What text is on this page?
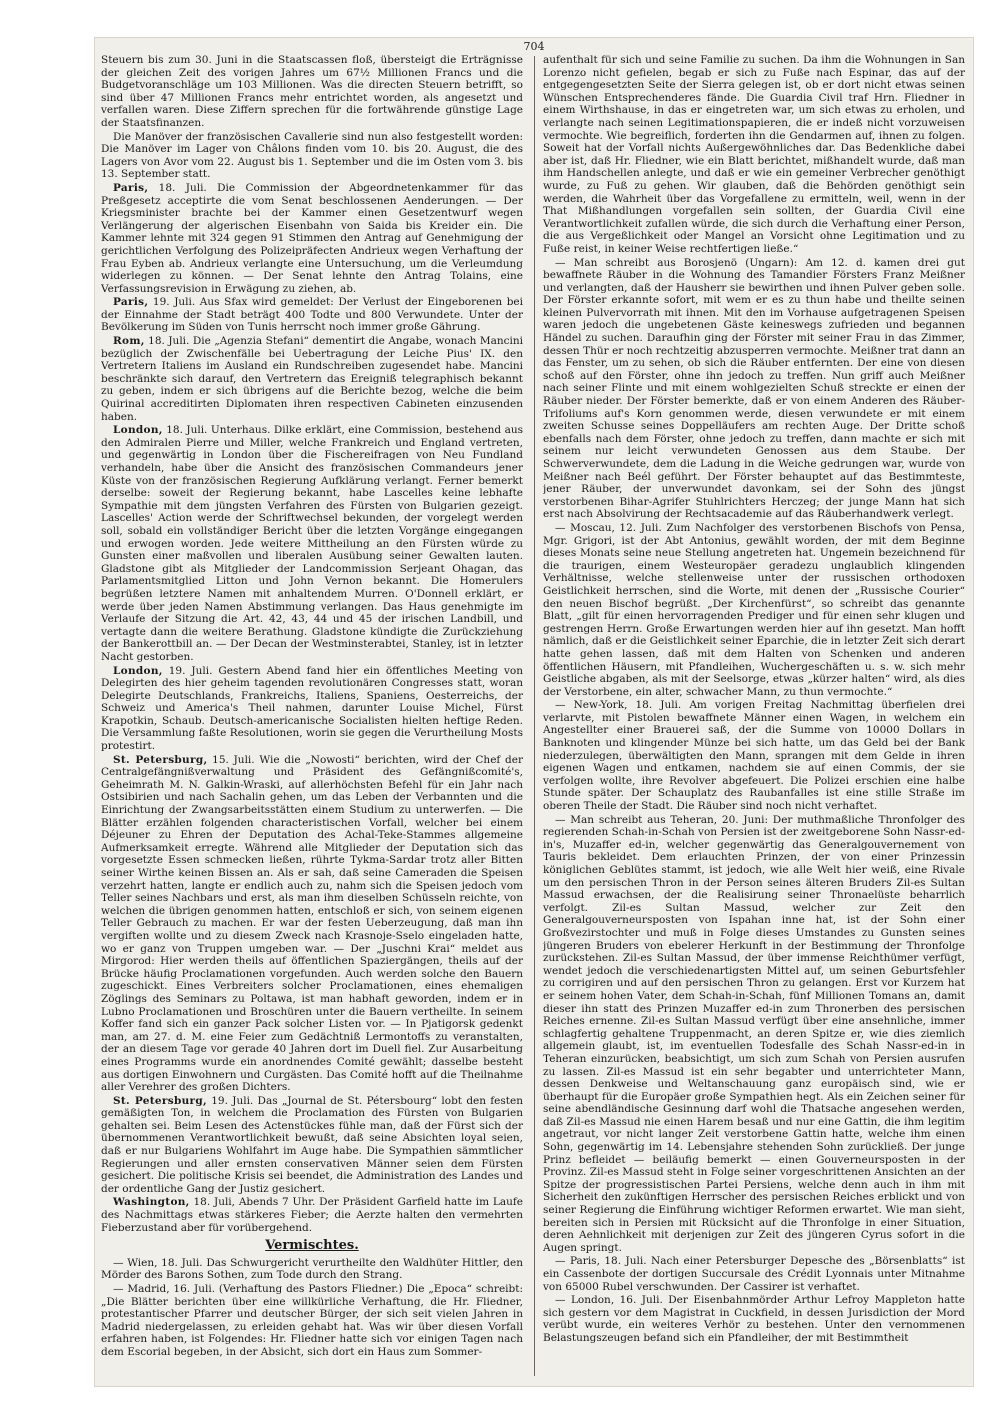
704

Steuern bis zum 30. Juni in die Staatscassen floß, übersteigt die Erträgnisse der gleichen Zeit des vorigen Jahres um 67½ Millionen Francs und die Budgetvoranschläge um 103 Millionen. Was die directen Steuern betrifft, so sind über 47 Millionen Francs mehr entrichtet worden, als angesetzt und verfallen waren. Diese Ziffern sprechen für die fortwährende günstige Lage der Staatsfinanzen.

Die Manöver der französischen Cavallerie sind nun also festgestellt worden: Die Manöver im Lager von Châlons finden vom 10. bis 20. August, die des Lagers von Avor vom 22. August bis 1. September und die im Osten vom 3. bis 13. September statt.

Paris, 18. Juli. Die Commission der Abgeordnetenkammer für das Preßgesetz acceptirte die vom Senat beschlossenen Aenderungen. — Der Kriegsminister brachte bei der Kammer einen Gesetzentwurf wegen Verlängerung der algerischen Eisenbahn von Saida bis Kreider ein. Die Kammer lehnte mit 324 gegen 91 Stimmen den Antrag auf Genehmigung der gerichtlichen Verfolgung des Polizeipräfecten Andrieux wegen Verhaftung der Frau Eyben ab. Andrieux verlangte eine Untersuchung, um die Verleumdung widerlegen zu können. — Der Senat lehnte den Antrag Tolains, eine Verfassungsrevision in Erwägung zu ziehen, ab.

Paris, 19. Juli. Aus Sfax wird gemeldet: Der Verlust der Eingeborenen bei der Einnahme der Stadt beträgt 400 Todte und 800 Verwundete. Unter der Bevölkerung im Süden von Tunis herrscht noch immer große Gährung.

Rom, 18. Juli. Die „Agenzia Stefani“ dementirt die Angabe, wonach Mancini bezüglich der Zwischenfälle bei Uebertragung der Leiche Pius' IX. den Vertretern Italiens im Ausland ein Rundschreiben zugesendet habe. Mancini beschränkte sich darauf, den Vertretern das Ereigniß telegraphisch bekannt zu geben, indem er sich übrigens auf die Berichte bezog, welche die beim Quirinal accreditirten Diplomaten ihren respectiven Cabineten einzusenden haben.

London, 18. Juli. Unterhaus. Dilke erklärt, eine Commission, bestehend aus den Admiralen Pierre und Miller, welche Frankreich und England vertreten, und gegenwärtig in London über die Fischereifragen von Neu Fundland verhandeln, habe über die Ansicht des französischen Commandeurs jener Küste von der französischen Regierung Aufklärung verlangt. Ferner bemerkt derselbe: soweit der Regierung bekannt, habe Lascelles keine lebhafte Sympathie mit dem jüngsten Verfahren des Fürsten von Bulgarien gezeigt. Lascelles' Action werde der Schriftwechsel bekunden, der vorgelegt werden soll, sobald ein vollständiger Bericht über die letzten Vorgänge eingegangen und erwogen worden. Jede weitere Mittheilung an den Fürsten würde zu Gunsten einer maßvollen und liberalen Ausübung seiner Gewalten lauten. Gladstone gibt als Mitglieder der Landcommission Serjeant Ohagan, das Parlamentsmitglied Litton und John Vernon bekannt. Die Homerulers begrüßen letztere Namen mit anhaltendem Murren. O'Donnell erklärt, er werde über jeden Namen Abstimmung verlangen. Das Haus genehmigte im Verlaufe der Sitzung die Art. 42, 43, 44 und 45 der irischen Landbill, und vertagte dann die weitere Berathung. Gladstone kündigte die Zurückziehung der Bankerottbill an. — Der Decan der Westminsterabtei, Stanley, ist in letzter Nacht gestorben.

London, 19. Juli. Gestern Abend fand hier ein öffentliches Meeting von Delegirten des hier geheim tagenden revolutionären Congresses statt, woran Delegirte Deutschlands, Frankreichs, Italiens, Spaniens, Oesterreichs, der Schweiz und America's Theil nahmen, darunter Louise Michel, Fürst Krapotkin, Schaub. Deutsch-americanische Socialisten hielten heftige Reden. Die Versammlung faßte Resolutionen, worin sie gegen die Verurtheilung Mosts protestirt.

St. Petersburg, 15. Juli. Wie die „Nowosti“ berichten, wird der Chef der Centralgefängnißverwaltung und Präsident des Gefängnißcomité's, Geheimrath M. N. Galkin-Wraski, auf allerhöchsten Befehl für ein Jahr nach Ostsibirien und nach Sachalin gehen, um das Leben der Verbannten und die Einrichtung der Zwangsarbeitsstätten einem Studium zu unterwerfen. — Die Blätter erzählen folgenden characteristischen Vorfall, welcher bei einem Déjeuner zu Ehren der Deputation des Achal-Teke-Stammes allgemeine Aufmerksamkeit erregte. Während alle Mitglieder der Deputation sich das vorgesetzte Essen schmecken ließen, rührte Tykma-Sardar trotz aller Bitten seiner Wirthe keinen Bissen an. Als er sah, daß seine Cameraden die Speisen verzehrt hatten, langte er endlich auch zu, nahm sich die Speisen jedoch vom Teller seines Nachbars und erst, als man ihm dieselben Schüsseln reichte, von welchen die übrigen genommen hatten, entschloß er sich, von seinem eigenen Teller Gebrauch zu machen. Er war der festen Ueberzeugung, daß man ihn vergiften wollte und zu diesem Zweck nach Krasnoje-Sselo eingeladen hatte, wo er ganz von Truppen umgeben war. — Der „Juschni Krai“ meldet aus Mirgorod: Hier werden theils auf öffentlichen Spaziergängen, theils auf der Brücke häufig Proclamationen vorgefunden. Auch werden solche den Bauern zugeschickt. Eines Verbreiters solcher Proclamationen, eines ehemaligen Zöglings des Seminars zu Poltawa, ist man habhaft geworden, indem er in Lubno Proclamationen und Broschüren unter die Bauern vertheilte. In seinem Koffer fand sich ein ganzer Pack solcher Listen vor. — In Pjatigorsk gedenkt man, am 27. d. M. eine Feier zum Gedächtniß Lermontoffs zu veranstalten, der an diesem Tage vor gerade 40 Jahren dort im Duell fiel. Zur Ausarbeitung eines Programms wurde ein anordnendes Comité gewählt; dasselbe besteht aus dortigen Einwohnern und Curgästen. Das Comité hofft auf die Theilnahme aller Verehrer des großen Dichters.

St. Petersburg, 19. Juli. Das „Journal de St. Pétersbourg“ lobt den festen gemäßigten Ton, in welchem die Proclamation des Fürsten von Bulgarien gehalten sei. Beim Lesen des Actenstückes fühle man, daß der Fürst sich der übernommenen Verantwortlichkeit bewußt, daß seine Absichten loyal seien, daß er nur Bulgariens Wohlfahrt im Auge habe. Die Sympathien sämmtlicher Regierungen und aller ernsten conservativen Männer seien dem Fürsten gesichert. Die politische Krisis sei beendet, die Administration des Landes und der ordentliche Gang der Justiz gesichert.

Washington, 18. Juli, Abends 7 Uhr. Der Präsident Garfield hatte im Laufe des Nachmittags etwas stärkeres Fieber; die Aerzte halten den vermehrten Fieberzustand aber für vorübergehend.

Vermischtes.

— Wien, 18. Juli. Das Schwurgericht verurtheilte den Waldhüter Hittler, den Mörder des Barons Sothen, zum Tode durch den Strang.

— Madrid, 16. Juli. (Verhaftung des Pastors Fliedner.) Die „Epoca“ schreibt: „Die Blätter berichten über eine willkürliche Verhaftung, die Hr. Fliedner, protestantischer Pfarrer und deutscher Bürger, der sich seit vielen Jahren in Madrid niedergelassen, zu erleiden gehabt hat. Was wir über diesen Vorfall erfahren haben, ist Folgendes: Hr. Fliedner hatte sich vor einigen Tagen nach dem Escorial begeben, in der Absicht, sich dort ein Haus zum Sommer-

aufenthalt für sich und seine Familie zu suchen. Da ihm die Wohnungen in San Lorenzo nicht gefielen, begab er sich zu Fuße nach Espinar, das auf der entgegengesetzten Seite der Sierra gelegen ist, ob er dort nicht etwas seinen Wünschen Entsprechenderes fände. Die Guardia Civil traf Hrn. Fliedner in einem Wirthshause, in das er eingetreten war, um sich etwas zu erholen, und verlangte nach seinen Legitimationspapieren, die er indeß nicht vorzuweisen vermochte. Wie begreiflich, forderten ihn die Gendarmen auf, ihnen zu folgen. Soweit hat der Vorfall nichts Außergewöhnliches dar. Das Bedenkliche dabei aber ist, daß Hr. Fliedner, wie ein Blatt berichtet, mißhandelt wurde, daß man ihm Handschellen anlegte, und daß er wie ein gemeiner Verbrecher genöthigt wurde, zu Fuß zu gehen. Wir glauben, daß die Behörden genöthigt sein werden, die Wahrheit über das Vorgefallene zu ermitteln, weil, wenn in der That Mißhandlungen vorgefallen sein sollten, der Guardia Civil eine Verantwortlichkeit zufallen würde, die sich durch die Verhaftung einer Person, die aus Vergeßlichkeit oder Mangel an Vorsicht ohne Legitimation und zu Fuße reist, in keiner Weise rechtfertigen ließe.“

— Man schreibt aus Borosjenö (Ungarn): Am 12. d. kamen drei gut bewaffnete Räuber in die Wohnung des Tamandier Försters Franz Meißner und verlangten, daß der Hausherr sie bewirthen und ihnen Pulver geben solle. Der Förster erkannte sofort, mit wem er es zu thun habe und theilte seinen kleinen Pulvervorrath mit ihnen. Mit den im Vorhause aufgetragenen Speisen waren jedoch die ungebetenen Gäste keineswegs zufrieden und begannen Händel zu suchen. Daraufhin ging der Förster mit seiner Frau in das Zimmer, dessen Thür er noch rechtzeitig abzusperren vermochte. Meißner trat dann an das Fenster, um zu sehen, ob sich die Räuber entfernten. Der eine von diesen schoß auf den Förster, ohne ihn jedoch zu treffen. Nun griff auch Meißner nach seiner Flinte und mit einem wohlgezielten Schuß streckte er einen der Räuber nieder. Der Förster bemerkte, daß er von einem Anderen des Räuber-Trifoliums auf's Korn genommen werde, diesen verwundete er mit einem zweiten Schusse seines Doppelläufers am rechten Auge. Der Dritte schoß ebenfalls nach dem Förster, ohne jedoch zu treffen, dann machte er sich mit seinem nur leicht verwundeten Genossen aus dem Staube. Der Schwerverwundete, dem die Ladung in die Weiche gedrungen war, wurde von Meißner nach Beél geführt. Der Förster behauptet auf das Bestimmteste, jener Räuber, der unverwundet davonkam, sei der Sohn des jüngst verstorbenen Bihar-Agrifer Stuhlrichters Herczeg; der junge Mann hat sich erst nach Absolvirung der Rechtsacademie auf das Räuberhandwerk verlegt.

— Moscau, 12. Juli. Zum Nachfolger des verstorbenen Bischofs von Pensa, Mgr. Grigori, ist der Abt Antonius, gewählt worden, der mit dem Beginne dieses Monats seine neue Stellung angetreten hat. Ungemein bezeichnend für die traurigen, einem Westeuropäer geradezu unglaublich klingenden Verhältnisse, welche stellenweise unter der russischen orthodoxen Geistlichkeit herrschen, sind die Worte, mit denen der „Russische Courier“ den neuen Bischof begrüßt. „Der Kirchenfürst“, so schreibt das genannte Blatt, „gilt für einen hervorragenden Prediger und für einen sehr klugen und gestrengen Herrn. Große Erwartungen werden hier auf ihn gesetzt. Man hofft nämlich, daß er die Geistlichkeit seiner Eparchie, die in letzter Zeit sich derart hatte gehen lassen, daß mit dem Halten von Schenken und anderen öffentlichen Häusern, mit Pfandleihen, Wuchergeschäften u. s. w. sich mehr Geistliche abgaben, als mit der Seelsorge, etwas „kürzer halten“ wird, als dies der Verstorbene, ein alter, schwacher Mann, zu thun vermochte.“

— New-York, 18. Juli. Am vorigen Freitag Nachmittag überfielen drei verlarvte, mit Pistolen bewaffnete Männer einen Wagen, in welchem ein Angestellter einer Brauerei saß, der die Summe von 10000 Dollars in Banknoten und klingender Münze bei sich hatte, um das Geld bei der Bank niederzulegen, überwältigten den Mann, sprangen mit dem Gelde in ihren eigenen Wagen und entkamen, nachdem sie auf einen Commis, der sie verfolgen wollte, ihre Revolver abgefeuert. Die Polizei erschien eine halbe Stunde später. Der Schauplatz des Raubanfalles ist eine stille Straße im oberen Theile der Stadt. Die Räuber sind noch nicht verhaftet.

— Man schreibt aus Teheran, 20. Juni: Der muthmaßliche Thronfolger des regierenden Schah-in-Schah von Persien ist der zweitgeborene Sohn Nassr-ed-in's, Muzaffer ed-in, welcher gegenwärtig das Generalgouvernement von Tauris bekleidet. Dem erlauchten Prinzen, der von einer Prinzessin königlichen Geblütes stammt, ist jedoch, wie alle Welt hier weiß, eine Rivale um den persischen Thron in der Person seines älteren Bruders Zil-es Sultan Massud erwachsen, der die Realisirung seiner Thronaelüste beharrlich verfolgt. Zil-es Sultan Massud, welcher zur Zeit den Generalgouverneursposten von Ispahan inne hat, ist der Sohn einer Großvezirstochter und muß in Folge dieses Umstandes zu Gunsten seines jüngeren Bruders von ebelerer Herkunft in der Bestimmung der Thronfolge zurückstehen. Zil-es Sultan Massud, der über immense Reichthümer verfügt, wendet jedoch die verschiedenartigsten Mittel auf, um seinen Geburtsfehler zu corrigiren und auf den persischen Thron zu gelangen. Erst vor Kurzem hat er seinem hohen Vater, dem Schah-in-Schah, fünf Millionen Tomans an, damit dieser ihn statt des Prinzen Muzaffer ed-in zum Thronerben des persischen Reiches ernenne. Zil-es Sultan Massud verfügt über eine ansehnliche, immer schlagfertig gehaltene Truppenmacht, an deren Spitze er, wie dies ziemlich allgemein glaubt, ist, im eventuellen Todesfalle des Schah Nassr-ed-in in Teheran einzurücken, beabsichtigt, um sich zum Schah von Persien ausrufen zu lassen. Zil-es Massud ist ein sehr begabter und unterrichteter Mann, dessen Denkweise und Weltanschauung ganz europäisch sind, wie er überhaupt für die Europäer große Sympathien hegt. Als ein Zeichen seiner für seine abendländische Gesinnung darf wohl die Thatsache angesehen werden, daß Zil-es Massud nie einen Harem besaß und nur eine Gattin, die ihm legitim angetraut, vor nicht langer Zeit verstorbene Gattin hatte, welche ihm einen Sohn, gegenwärtig im 14. Lebensjahre stehenden Sohn zurückließ. Der junge Prinz befleidet — beiläufig bemerkt — einen Gouverneursposten in der Provinz. Zil-es Massud steht in Folge seiner vorgeschrittenen Ansichten an der Spitze der progressistischen Partei Persiens, welche denn auch in ihm mit Sicherheit den zukünftigen Herrscher des persischen Reiches erblickt und von seiner Regierung die Einführung wichtiger Reformen erwartet. Wie man sieht, bereiten sich in Persien mit Rücksicht auf die Thronfolge in einer Situation, deren Aehnlichkeit mit derjenigen zur Zeit des jüngeren Cyrus sofort in die Augen springt.

— Paris, 18. Juli. Nach einer Petersburger Depesche des „Börsenblatts“ ist ein Cassenbote der dortigen Succursale des Crédit Lyonnais unter Mitnahme von 65000 Rubel verschwunden. Der Cassirer ist verhaftet.

— London, 16. Juli. Der Eisenbahnmörder Arthur Lefroy Mappleton hatte sich gestern vor dem Magistrat in Cuckfield, in dessen Jurisdiction der Mord verübt wurde, ein weiteres Verhör zu bestehen. Unter den vernommenen Belastungszeugen befand sich ein Pfandleiher, der mit Bestimmtheit
